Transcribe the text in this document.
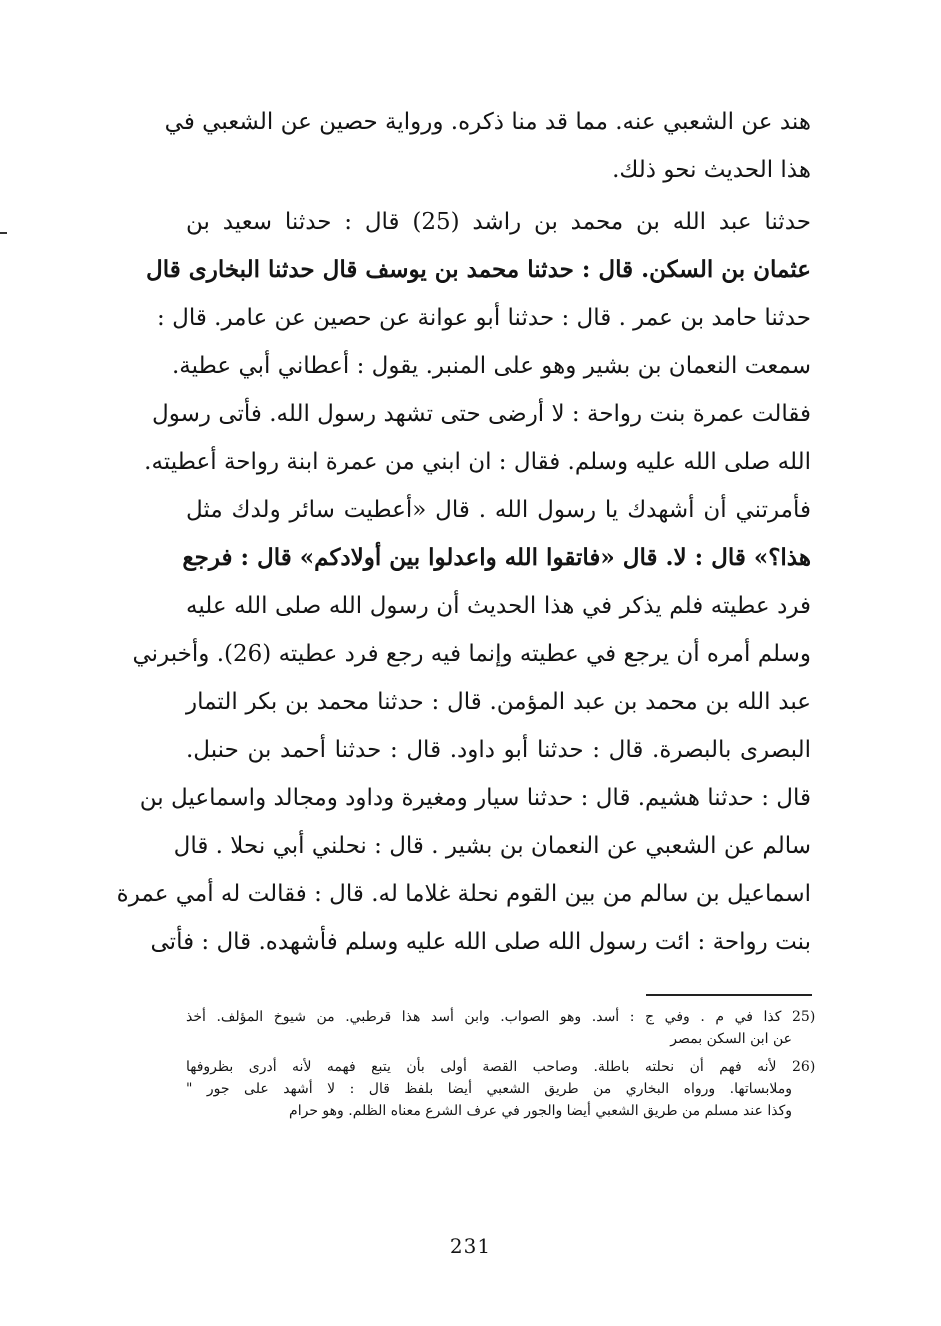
هند عن الشعبي عنه. مما قد منا ذكره. ورواية حصين عن الشعبي في
هذا الحديث نحو ذلك.
حدثنا عبد الله بن محمد بن راشد (25) قال : حدثنا سعيد بن
عثمان بن السكن. قال : حدثنا محمد بن يوسف قال حدثنا البخارى قال
حدثنا حامد بن عمر . قال : حدثنا أبو عوانة عن حصين عن عامر. قال :
سمعت النعمان بن بشير وهو على المنبر. يقول : أعطاني أبي عطية.
فقالت عمرة بنت رواحة : لا أرضى حتى تشهد رسول الله. فأتى رسول
الله صلى الله عليه وسلم. فقال : ان ابني من عمرة ابنة رواحة أعطيته.
فأمرتني أن أشهدك يا رسول الله . قال «أعطيت سائر ولدك مثل
هذا؟» قال : لا. قال «فاتقوا الله واعدلوا بين أولادكم» قال : فرجع
فرد عطيته فلم يذكر في هذا الحديث أن رسول الله صلى الله عليه
وسلم أمره أن يرجع في عطيته وإنما فيه رجع فرد عطيته (26). وأخبرني
عبد الله بن محمد بن عبد المؤمن. قال : حدثنا محمد بن بكر التمار
البصرى بالبصرة. قال : حدثنا أبو داود. قال : حدثنا أحمد بن حنبل.
قال : حدثنا هشيم. قال : حدثنا سيار ومغيرة وداود ومجالد واسماعيل بن
سالم عن الشعبي عن النعمان بن بشير . قال : نحلني أبي نحلا . قال
اسماعيل بن سالم من بين القوم نحلة غلاما له. قال : فقالت له أمي عمرة
بنت رواحة : ائت رسول الله صلى الله عليه وسلم فأشهده. قال : فأتى
25) كذا في م . وفي ج : أسد. وهو الصواب. وابن أسد هذا قرطبي. من شيوخ المؤلف. أخذ
عن ابن السكن بمصر
26) لأنه فهم أن نحلته باطلة. وصاحب القصة أولى بأن يتبع فهمه لأنه أدرى بظروفها
وملابساتها. ورواه البخاري من طريق الشعبي أيضا بلفظ قال : لا أشهد على جور "
وكذا عند مسلم من طريق الشعبي أيضا والجور في عرف الشرع معناه الظلم. وهو حرام
231
